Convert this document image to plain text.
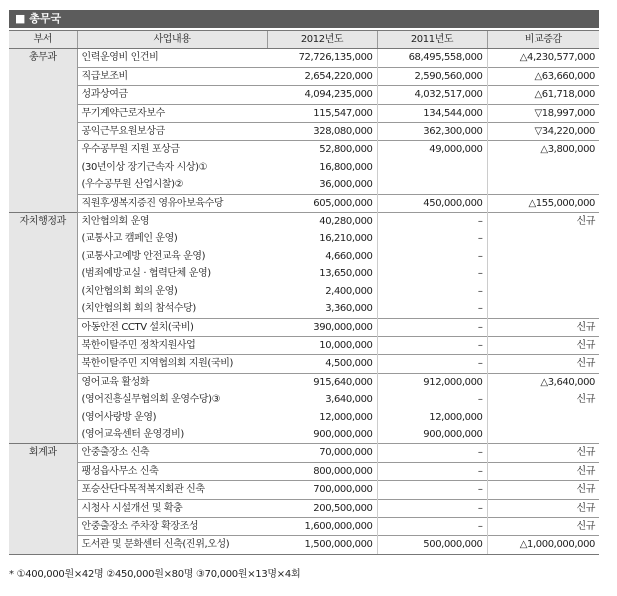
■ 총무국
부서	사업내용	2012년도	2011년도	비교증감
총무과	인력운영비 인건비	72,726,135,000	68,495,558,000	△4,230,577,000
	직급보조비	2,654,220,000	2,590,560,000	△63,660,000
	성과상여금	4,094,235,000	4,032,517,000	△61,718,000
	무기계약근로자보수	115,547,000	134,544,000	▽18,997,000
	공익근무요원보상금	328,080,000	362,300,000	▽34,220,000
	우수공무원 지원 포상금	52,800,000	49,000,000	△3,800,000
	(30년이상 장기근속자 시상)①	16,800,000		
	(우수공무원 산업시찰)②	36,000,000		
	직원후생복지증진 영유아보육수당	605,000,000	450,000,000	△155,000,000
자치행정과	치안협의회 운영	40,280,000	–	신규
	(교통사고 캠페인 운영)	16,210,000	–	
	(교통사고예방 안전교육 운영)	4,660,000	–	
	(범죄예방교실 · 협력단체 운영)	13,650,000	–	
	(치안협의회 회의 운영)	2,400,000	–	
	(치안협의회 회의 참석수당)	3,360,000	–	
	아동안전 CCTV 설치(국비)	390,000,000	–	신규
	북한이탈주민 정착지원사업	10,000,000	–	신규
	북한이탈주민 지역협의회 지원(국비)	4,500,000	–	신규
	영어교육 활성화	915,640,000	912,000,000	△3,640,000
	(영어진흥실무협의회 운영수당)③	3,640,000	–	신규
	(영어사랑방 운영)	12,000,000	12,000,000	
	(영어교육센터 운영경비)	900,000,000	900,000,000	
회계과	안중출장소 신축	70,000,000	–	신규
	팽성읍사무소 신축	800,000,000	–	신규
	포승산단다목적복지회관 신축	700,000,000	–	신규
	시청사 시설개선 및 확충	200,500,000	–	신규
	안중출장소 주차장 확장조성	1,600,000,000	–	신규
	도서관 및 문화센터 신축(진위,오성)	1,500,000,000	500,000,000	△1,000,000,000
* ①400,000원×42명 ②450,000원×80명 ③70,000원×13명×4회
